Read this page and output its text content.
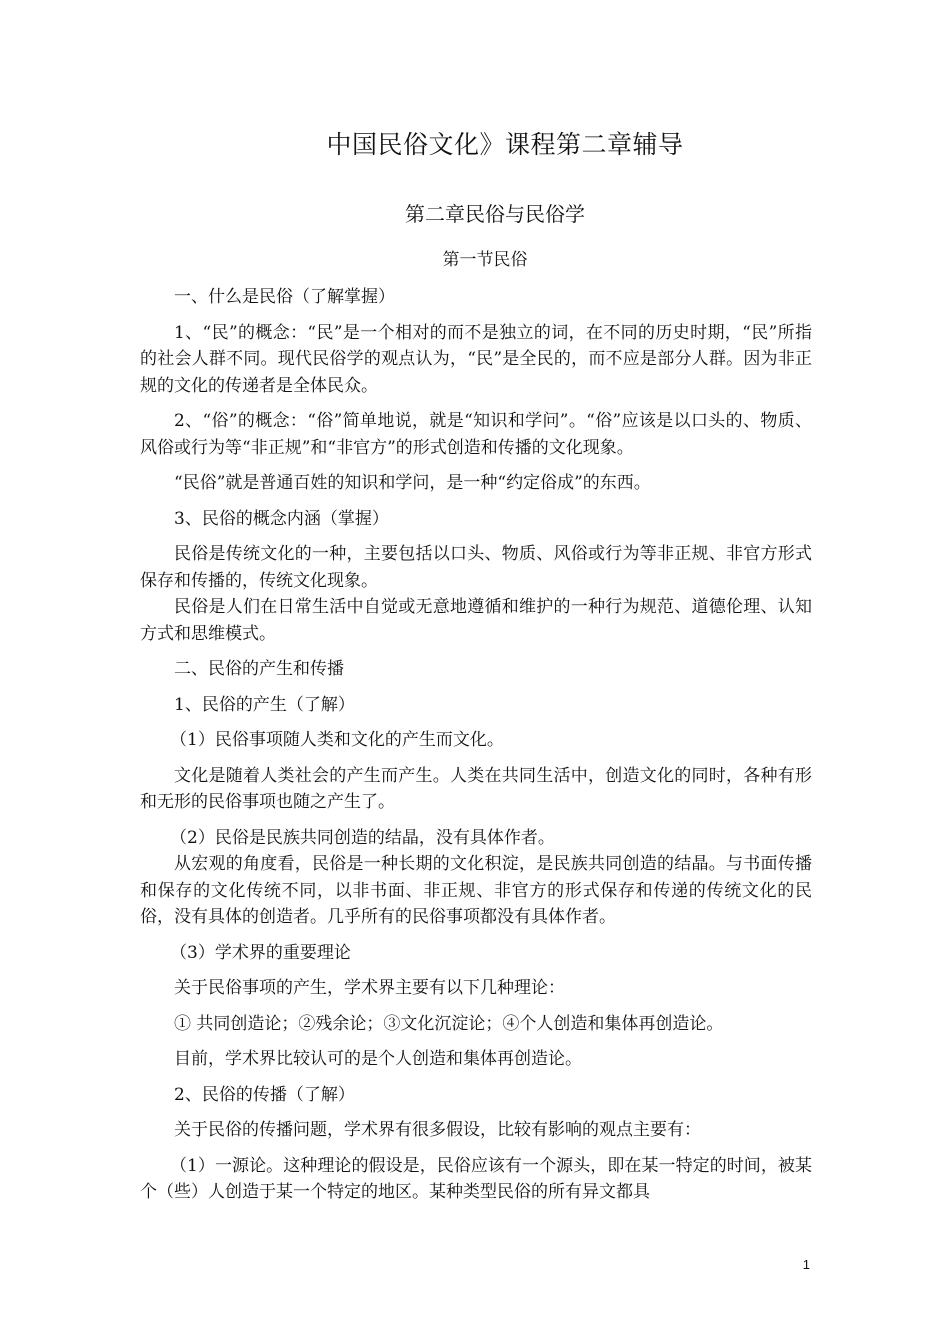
中国民俗文化》课程第二章辅导
第二章民俗与民俗学
第一节民俗

一、什么是民俗（了解掌握）

1、“民”的概念：“民”是一个相对的而不是独立的词，在不同的历史时期，“民”所指的社会人群不同。现代民俗学的观点认为，“民”是全民的，而不应是部分人群。因为非正规的文化的传递者是全体民众。

2、“俗”的概念：“俗”简单地说，就是“知识和学问”。“俗”应该是以口头的、物质、风俗或行为等“非正规”和“非官方”的形式创造和传播的文化现象。

“民俗”就是普通百姓的知识和学问，是一种“约定俗成”的东西。

3、民俗的概念内涵（掌握）

民俗是传统文化的一种，主要包括以口头、物质、风俗或行为等非正规、非官方形式保存和传播的，传统文化现象。

民俗是人们在日常生活中自觉或无意地遵循和维护的一种行为规范、道德伦理、认知方式和思维模式。

二、民俗的产生和传播

1、民俗的产生（了解）

（1）民俗事项随人类和文化的产生而文化。

文化是随着人类社会的产生而产生。人类在共同生活中，创造文化的同时，各种有形和无形的民俗事项也随之产生了。

（2）民俗是民族共同创造的结晶，没有具体作者。

从宏观的角度看，民俗是一种长期的文化积淀，是民族共同创造的结晶。与书面传播和保存的文化传统不同，以非书面、非正规、非官方的形式保存和传递的传统文化的民俗，没有具体的创造者。几乎所有的民俗事项都没有具体作者。

（3）学术界的重要理论

关于民俗事项的产生，学术界主要有以下几种理论：

① 共同创造论；②残余论；③文化沉淀论；④个人创造和集体再创造论。

目前，学术界比较认可的是个人创造和集体再创造论。

2、民俗的传播（了解）

关于民俗的传播问题，学术界有很多假设，比较有影响的观点主要有：

（1）一源论。这种理论的假设是，民俗应该有一个源头，即在某一特定的时间，被某个（些）人创造于某一个特定的地区。某种类型民俗的所有异文都具

1
